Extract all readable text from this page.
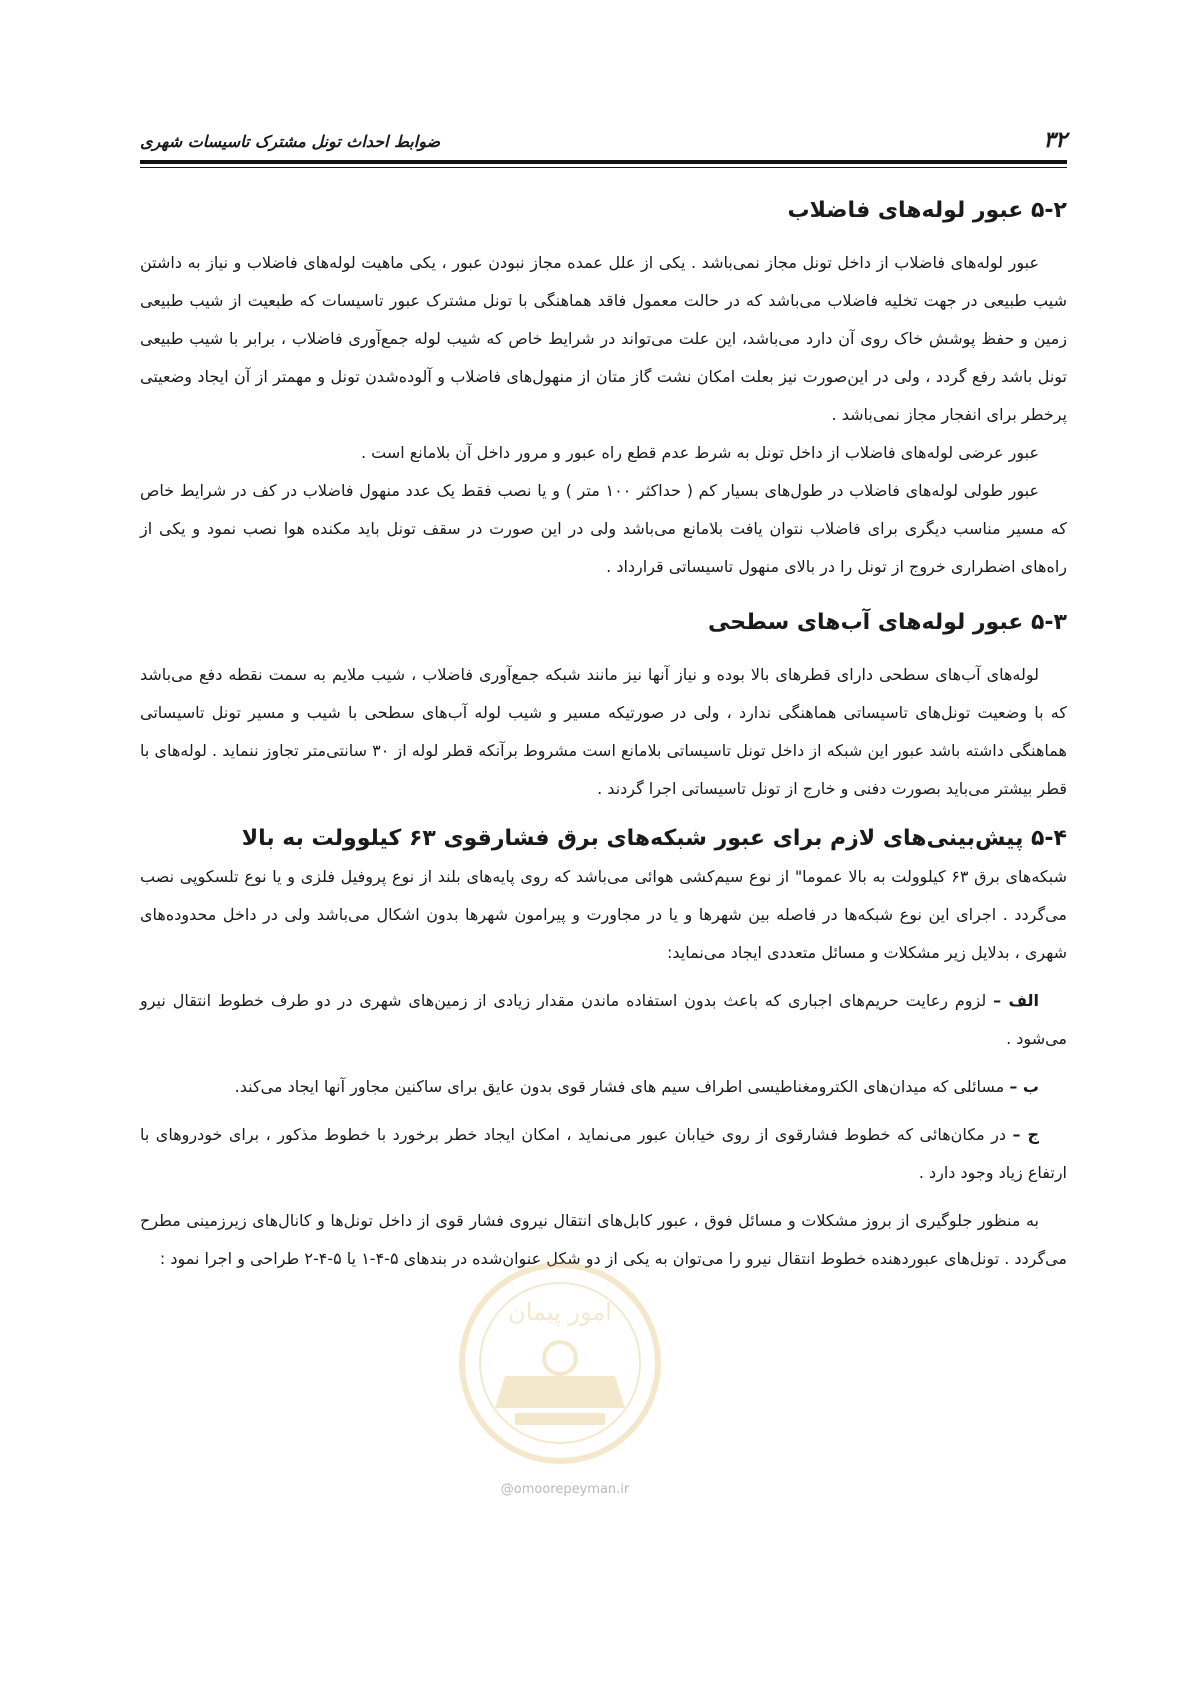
۳۲
ضوابط احداث تونل مشترک تاسیسات شهری
۵-۲ عبور لوله‌های فاضلاب

عبور لوله‌های فاضلاب از داخل تونل مجاز نمی‌باشد . یکی از علل عمده مجاز نبودن عبور ، یکی ماهیت لوله‌های فاضلاب و نیاز به داشتن شیب طبیعی در جهت تخلیه فاضلاب می‌باشد که در حالت معمول فاقد هماهنگی با تونل مشترک عبور تاسیسات که طبعیت از شیب طبیعی زمین و حفظ پوشش خاک روی آن دارد می‌باشد، این علت می‌تواند در شرایط خاص که شیب لوله جمع‌آوری فاضلاب ، برابر با شیب طبیعی تونل باشد رفع گردد ، ولی در این‌صورت نیز بعلت امکان نشت گاز متان از منهول‌های فاضلاب و آلوده‌شدن تونل و مهمتر از آن ایجاد وضعیتی پرخطر برای انفجار مجاز نمی‌باشد .

عبور عرضی لوله‌های فاضلاب از داخل تونل به شرط عدم قطع راه عبور و مرور داخل آن بلامانع است .

عبور طولی لوله‌های فاضلاب در طول‌های بسیار کم ( حداکثر ۱۰۰ متر ) و یا نصب فقط یک عدد منهول فاضلاب در کف در شرایط خاص که مسیر مناسب دیگری برای فاضلاب نتوان یافت بلامانع می‌باشد ولی در این صورت در سقف تونل باید مکنده هوا نصب نمود و یکی از راه‌های اضطراری خروج از تونل را در بالای منهول تاسیساتی قرارداد .

۵-۳ عبور لوله‌های آب‌های سطحی

لوله‌های آب‌های سطحی دارای قطرهای بالا بوده و نیاز آنها نیز مانند شبکه جمع‌آوری فاضلاب ، شیب ملایم به سمت نقطه دفع می‌باشد که با وضعیت تونل‌های تاسیساتی هماهنگی ندارد ، ولی در صورتیکه مسیر و شیب لوله آب‌های سطحی با شیب و مسیر تونل تاسیساتی هماهنگی داشته باشد عبور این شبکه از داخل تونل تاسیساتی بلامانع است مشروط برآنکه قطر لوله از ۳۰ سانتی‌متر تجاوز ننماید . لوله‌های با قطر بیشتر می‌باید بصورت دفنی و خارج از تونل تاسیساتی اجرا گردند .

۵-۴ پیش‌بینی‌های لازم برای عبور شبکه‌های برق فشارقوی ۶۳ کیلوولت به بالا

شبکه‌های برق ۶۳ کیلوولت به بالا عموما" از نوع سیم‌کشی هوائی می‌باشد که روی پایه‌های بلند از نوع پروفیل فلزی و یا نوع تلسکوپی نصب می‌گردد . اجرای این نوع شبکه‌ها در فاصله بین شهرها و یا در مجاورت و پیرامون شهرها بدون اشکال می‌باشد ولی در داخل محدوده‌های شهری ، بدلایل زیر مشکلات و مسائل متعددی ایجاد می‌نماید:

الف – لزوم رعایت حریم‌های اجباری که باعث بدون استفاده ماندن مقدار زیادی از زمین‌های شهری در دو طرف خطوط انتقال نیرو می‌شود .

ب – مسائلی که میدان‌های الکترومغناطیسی اطراف سیم های فشار قوی بدون عایق برای ساکنین مجاور آنها ایجاد می‌کند.

ج – در مکان‌هائی که خطوط فشارقوی از روی خیابان عبور می‌نماید ، امکان ایجاد خطر برخورد با خطوط مذکور ، برای خودروهای با ارتفاع زیاد وجود دارد .

به منظور جلوگیری از بروز مشکلات و مسائل فوق ، عبور کابل‌های انتقال نیروی فشار قوی از داخل تونل‌ها و کانال‌های زیرزمینی مطرح می‌گردد . تونل‌های عبوردهنده خطوط انتقال نیرو را می‌توان به یکی از دو شکل عنوان‌شده در بندهای ۵-۴-۱ یا ۵-۴-۲ طراحی و اجرا نمود :

امور پیمان
@omoorepeyman.ir
